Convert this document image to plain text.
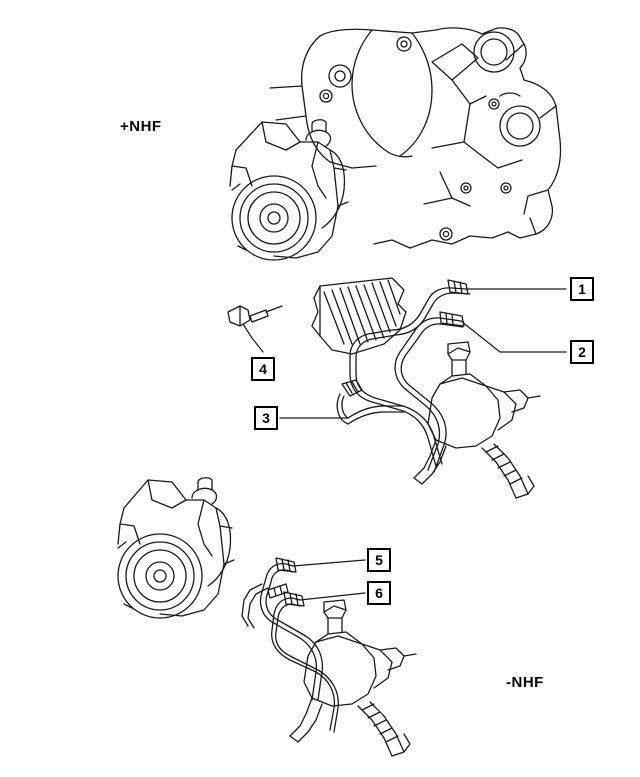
+NHF
-NHF
1
2
3
4
5
6
